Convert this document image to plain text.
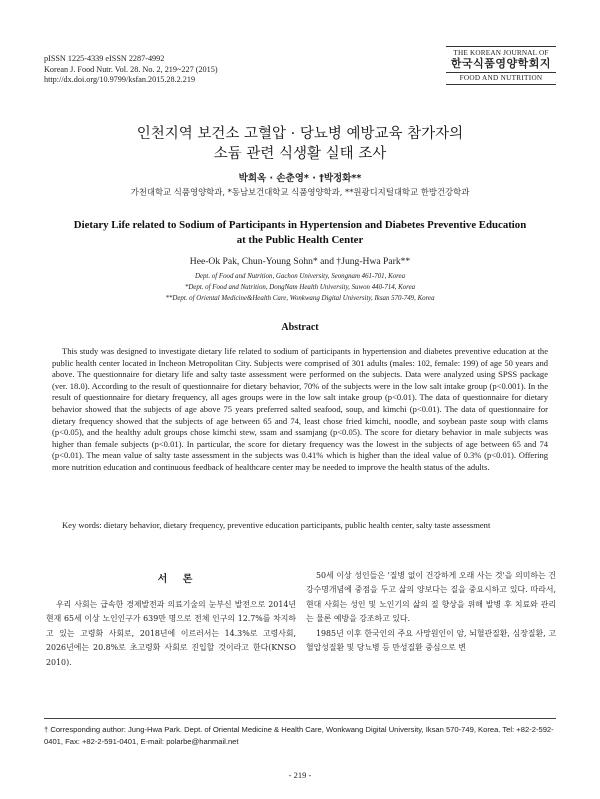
pISSN 1225-4339 eISSN 2287-4992
Korean J. Food Nutr. Vol. 28. No. 2, 219~227 (2015)
http://dx.doi.org/10.9799/ksfan.2015.28.2.219
THE KOREAN JOURNAL OF
한국식품영양학회지
FOOD AND NUTRITION
인천지역 보건소 고혈압 · 당뇨병 예방교육 참가자의
소듐 관련 식생활 실태 조사
박희옥 · 손춘영* · †박정화**
가천대학교 식품영양학과, *동남보건대학교 식품영양학과, **원광디지털대학교 한방건강학과
Dietary Life related to Sodium of Participants in Hypertension and Diabetes Preventive Education
at the Public Health Center
Hee-Ok Pak, Chun-Young Sohn* and †Jung-Hwa Park**
Dept. of Food and Nutrition, Gachon University, Seongnam 461-701, Korea
*Dept. of Food and Nutrition, DongNam Health University, Suwon 440-714, Korea
**Dept. of Oriental Medicine&Health Care, Wonkwang Digital University, Iksan 570-749, Korea
Abstract
This study was designed to investigate dietary life related to sodium of participants in hypertension and diabetes preventive education at the public health center located in Incheon Metropolitan City. Subjects were comprised of 301 adults (males: 102, female: 199) of age 50 years and above. The questionnaire for dietary life and salty taste assessment were performed on the subjects. Data were analyzed using SPSS package (ver. 18.0). According to the result of questionnaire for dietary behavior, 70% of the subjects were in the low salt intake group (p<0.001). In the result of questionnaire for dietary frequency, all ages groups were in the low salt intake group (p<0.01). The data of questionnaire for dietary behavior showed that the subjects of age above 75 years preferred salted seafood, soup, and kimchi (p<0.01). The data of questionnaire for dietary frequency showed that the subjects of age between 65 and 74, least chose fried kimchi, noodle, and soybean paste soup with clams (p<0.05), and the healthy adult groups chose kimchi stew, ssam and ssamjang (p<0.05). The score for dietary behavior in male subjects was higher than female subjects (p<0.01). In particular, the score for dietary frequency was the lowest in the subjects of age between 65 and 74 (p<0.01). The mean value of salty taste assessment in the subjects was 0.41% which is higher than the ideal value of 0.3% (p<0.01). Offering more nutrition education and continuous feedback of healthcare center may be needed to improve the health status of the adults.
Key words: dietary behavior, dietary frequency, preventive education participants, public health center, salty taste assessment
서 론
우리 사회는 급속한 경제발전과 의료기술의 눈부신 발전으로 2014년 현재 65세 이상 노인인구가 639만 명으로 전체 인구의 12.7%를 차지하고 있는 고령화 사회로, 2018년에 이르러서는 14.3%로 고령사회, 2026년에는 20.8%로 초고령화 사회로 진입할 것이라고 한다(KNSO 2010).

50세 이상 성인들은 '질병 없이 건강하게 오래 사는 것'을 의미하는 건강수명개념에 중점을 두고 삶의 양보다는 질을 중요시하고 있다. 따라서, 현대 사회는 성인 및 노인기의 삶의 질 향상을 위해 발병 후 치료와 관리는 물론 예방을 강조하고 있다.

1985년 이후 한국인의 주요 사망원인이 암, 뇌혈관질환, 심장질환, 고혈압성질환 및 당뇨병 등 만성질환 중심으로 변

† Corresponding author: Jung-Hwa Park. Dept. of Oriental Medicine & Health Care, Wonkwang Digital University, Iksan 570-749, Korea. Tel: +82-2-592-0401, Fax: +82-2-591-0401, E-mail: polarbe@hanmail.net
- 219 -
